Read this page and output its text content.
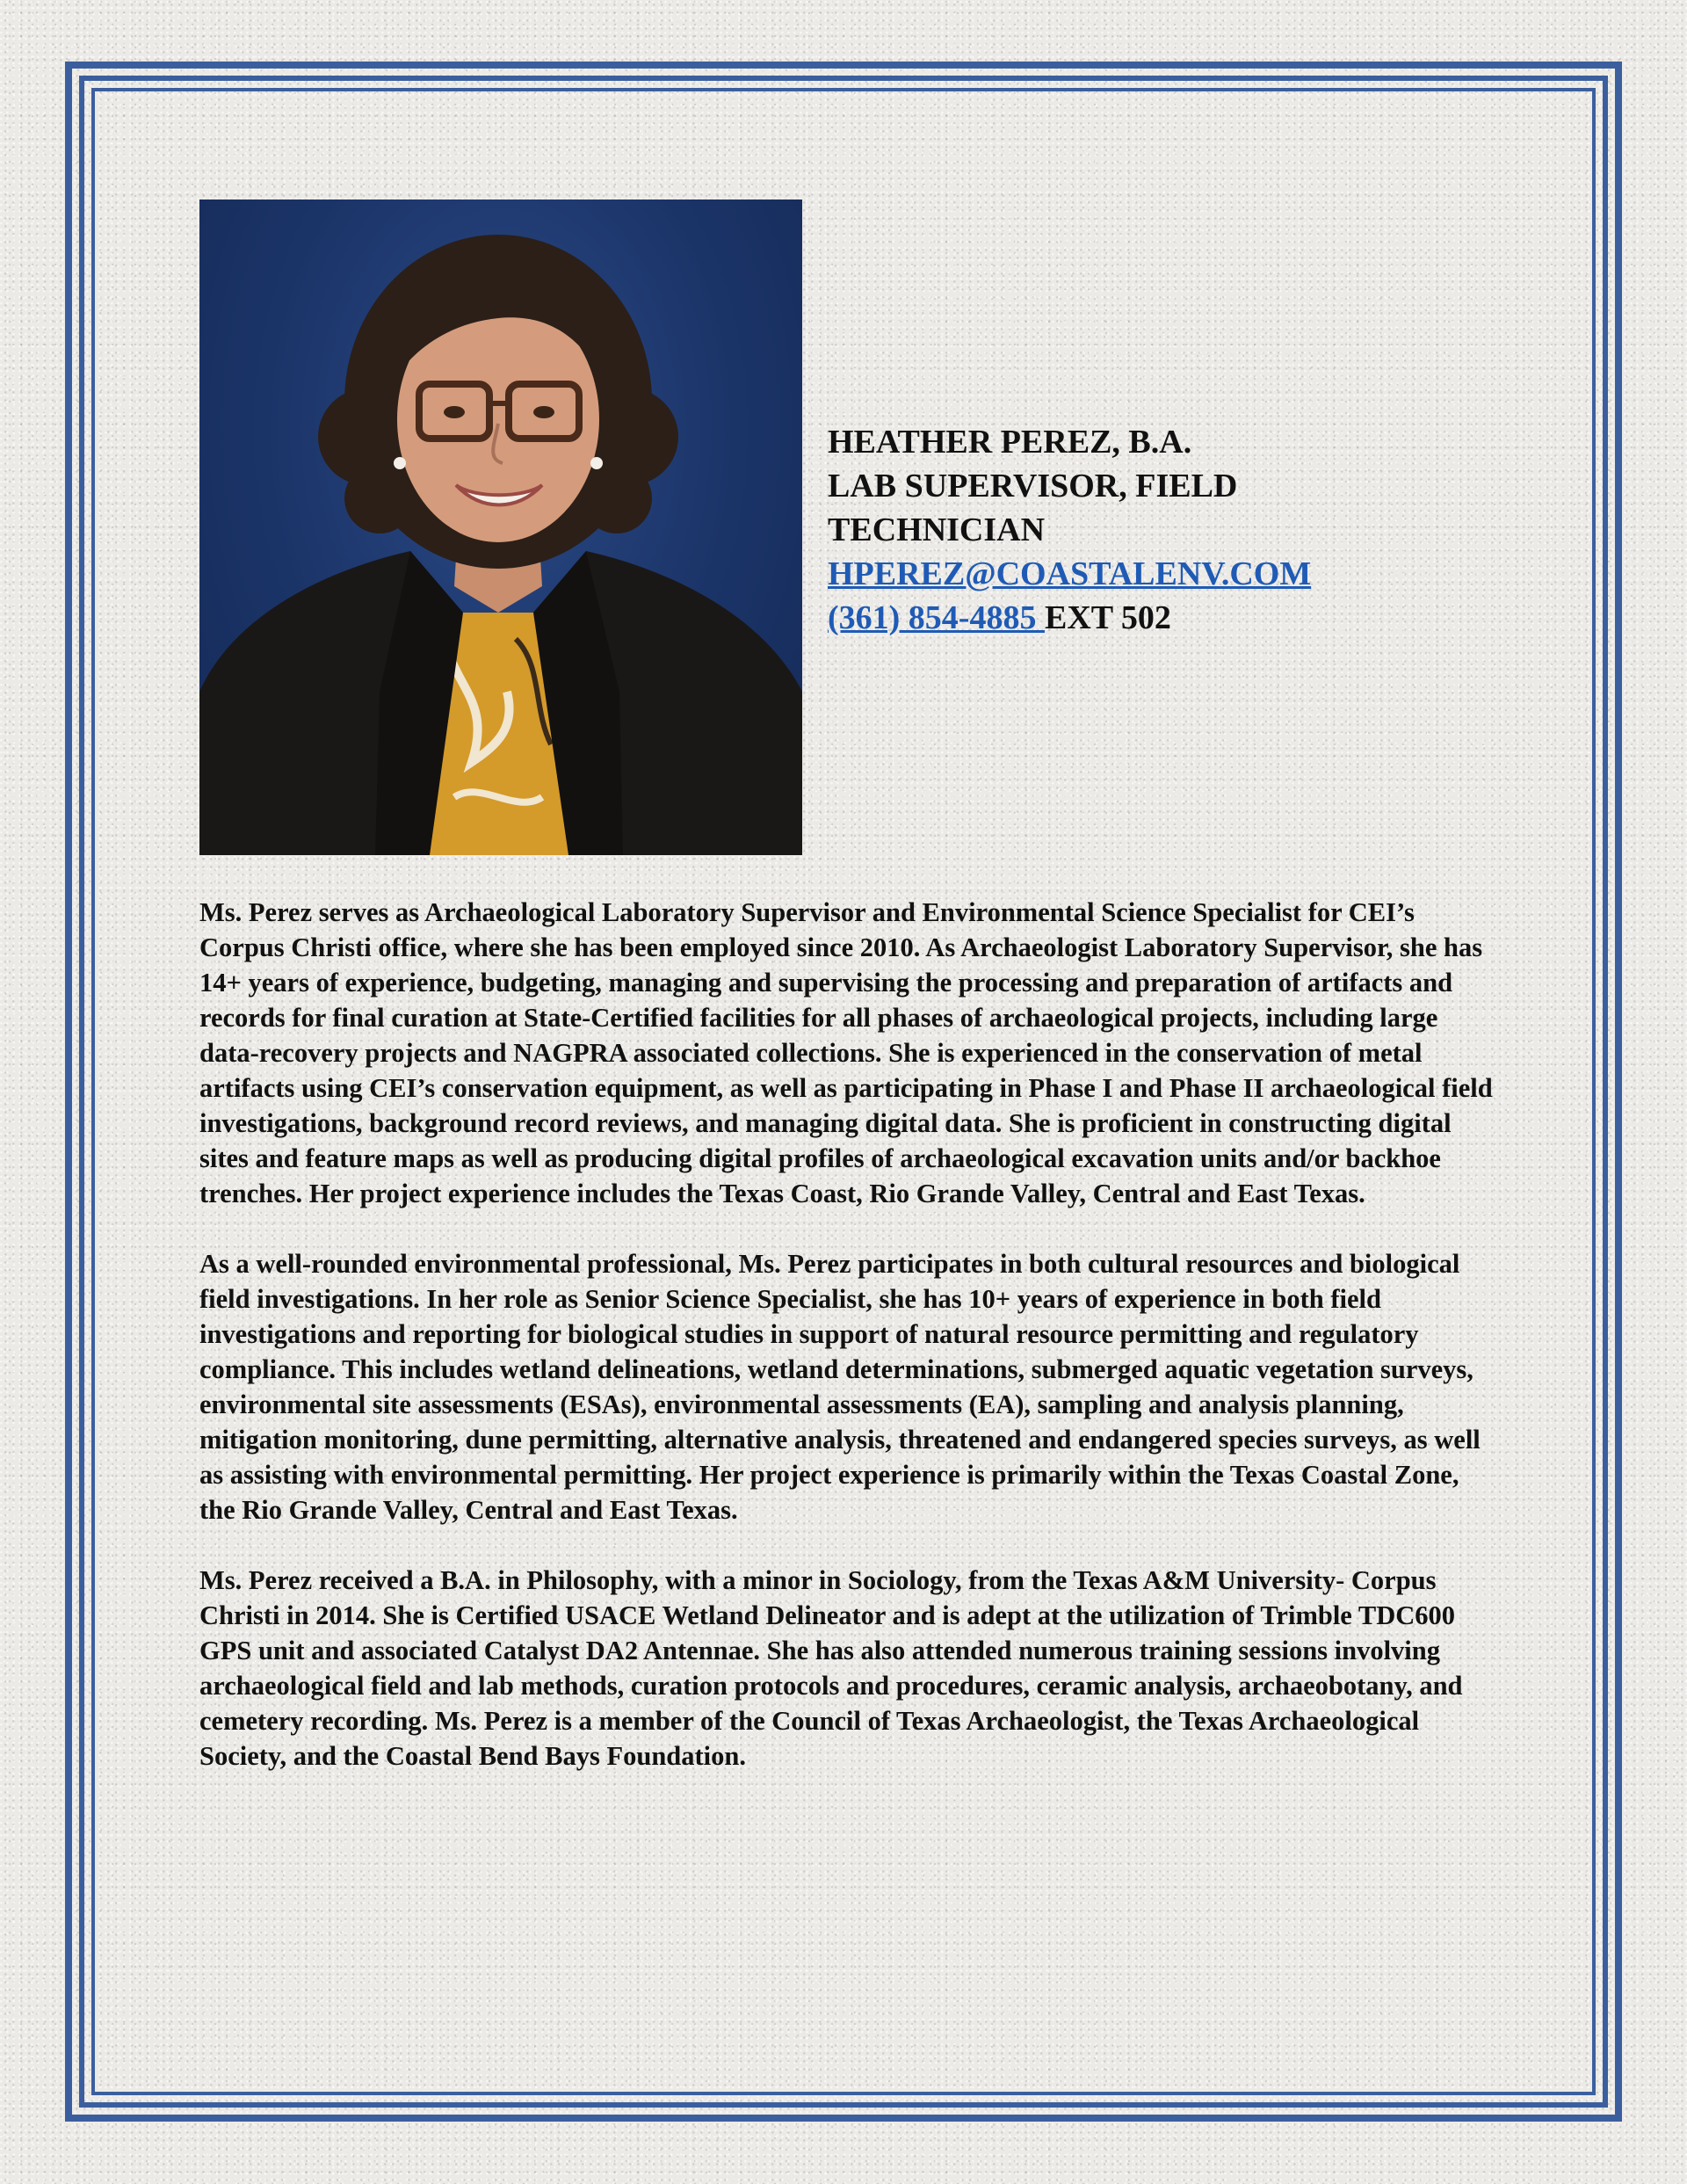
HEATHER PEREZ, B.A.
LAB SUPERVISOR, FIELD
TECHNICIAN
HPEREZ@COASTALENV.COM
(361) 854-4885 EXT 502

Ms. Perez serves as Archaeological Laboratory Supervisor and Environmental Science Specialist for CEI’s Corpus Christi office, where she has been employed since 2010. As Archaeologist Laboratory Supervisor, she has 14+ years of experience, budgeting, managing and supervising the processing and preparation of artifacts and records for final curation at State-Certified facilities for all phases of archaeological projects, including large data-recovery projects and NAGPRA associated collections. She is experienced in the conservation of metal artifacts using CEI’s conservation equipment, as well as participating in Phase I and Phase II archaeological field investigations, background record reviews, and managing digital data. She is proficient in constructing digital sites and feature maps as well as producing digital profiles of archaeological excavation units and/or backhoe trenches. Her project experience includes the Texas Coast, Rio Grande Valley, Central and East Texas.

As a well-rounded environmental professional, Ms. Perez participates in both cultural resources and biological field investigations. In her role as Senior Science Specialist, she has 10+ years of experience in both field investigations and reporting for biological studies in support of natural resource permitting and regulatory compliance. This includes wetland delineations, wetland determinations, submerged aquatic vegetation surveys, environmental site assessments (ESAs), environmental assessments (EA), sampling and analysis planning, mitigation monitoring, dune permitting, alternative analysis, threatened and endangered species surveys, as well as assisting with environmental permitting. Her project experience is primarily within the Texas Coastal Zone, the Rio Grande Valley, Central and East Texas.

Ms. Perez received a B.A. in Philosophy, with a minor in Sociology, from the Texas A&M University- Corpus Christi in 2014. She is Certified USACE Wetland Delineator and is adept at the utilization of Trimble TDC600 GPS unit and associated Catalyst DA2 Antennae. She has also attended numerous training sessions involving archaeological field and lab methods, curation protocols and procedures, ceramic analysis, archaeobotany, and cemetery recording. Ms. Perez is a member of the Council of Texas Archaeologist, the Texas Archaeological Society, and the Coastal Bend Bays Foundation.
